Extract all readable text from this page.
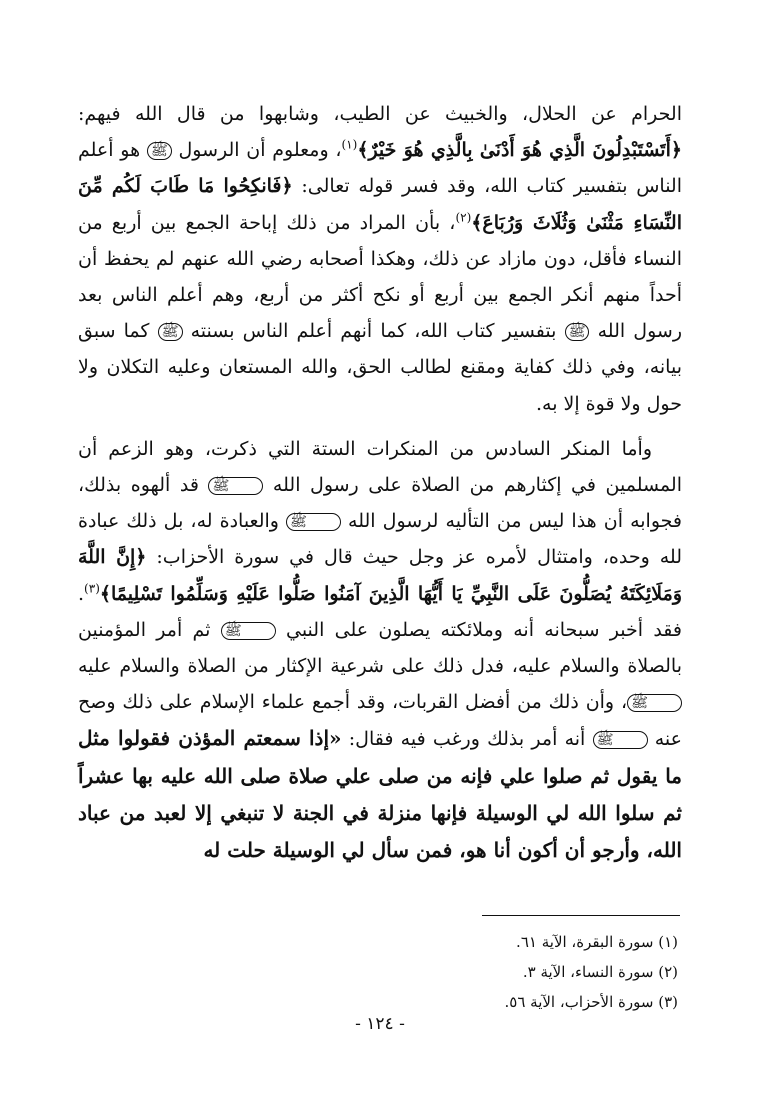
الحرام عن الحلال، والخبيث عن الطيب، وشابهوا من قال الله فيهم: ﴿أَتَسْتَبْدِلُونَ الَّذِي هُوَ أَدْنَىٰ بِالَّذِي هُوَ خَيْرٌ﴾$^{(١)}$، ومعلوم أن الرسول ﷺ هو أعلم الناس بتفسير كتاب الله، وقد فسر قوله تعالى: ﴿فَانكِحُوا مَا طَابَ لَكُم مِّنَ النِّسَاءِ مَثْنَىٰ وَثُلَاثَ وَرُبَاعَ﴾$^{(٢)}$، بأن المراد من ذلك إباحة الجمع بين أربع من النساء فأقل، دون مازاد عن ذلك، وهكذا أصحابه رضي الله عنهم لم يحفظ أن أحداً منهم أنكر الجمع بين أربع أو نكح أكثر من أربع، وهم أعلم الناس بعد رسول الله ﷺ بتفسير كتاب الله، كما أنهم أعلم الناس بسنته ﷺ كما سبق بيانه، وفي ذلك كفاية ومقنع لطالب الحق، والله المستعان وعليه التكلان ولا حول ولا قوة إلا به.

وأما المنكر السادس من المنكرات الستة التي ذكرت، وهو الزعم أن المسلمين في إكثارهم من الصلاة على رسول الله ﷺ قد ألهوه بذلك، فجوابه أن هذا ليس من التأليه لرسول الله ﷺ والعبادة له، بل ذلك عبادة لله وحده، وامتثال لأمره عز وجل حيث قال في سورة الأحزاب: ﴿إِنَّ اللَّهَ وَمَلَائِكَتَهُ يُصَلُّونَ عَلَى النَّبِيِّ يَا أَيُّهَا الَّذِينَ آمَنُوا صَلُّوا عَلَيْهِ وَسَلِّمُوا تَسْلِيمًا﴾$^{(٣)}$. فقد أخبر سبحانه أنه وملائكته يصلون على النبي ﷺ ثم أمر المؤمنين بالصلاة والسلام عليه، فدل ذلك على شرعية الإكثار من الصلاة والسلام عليه ﷺ، وأن ذلك من أفضل القربات، وقد أجمع علماء الإسلام على ذلك وصح عنه ﷺ أنه أمر بذلك ورغب فيه فقال: «إذا سمعتم المؤذن فقولوا مثل ما يقول ثم صلوا علي فإنه من صلى علي صلاة صلى الله عليه بها عشراً ثم سلوا الله لي الوسيلة فإنها منزلة في الجنة لا تنبغي إلا لعبد من عباد الله، وأرجو أن أكون أنا هو، فمن سأل لي الوسيلة حلت له

(١) سورة البقرة، الآية ٦١.
(٢) سورة النساء، الآية ٣.
(٣) سورة الأحزاب، الآية ٥٦.
- ١٢٤ -
